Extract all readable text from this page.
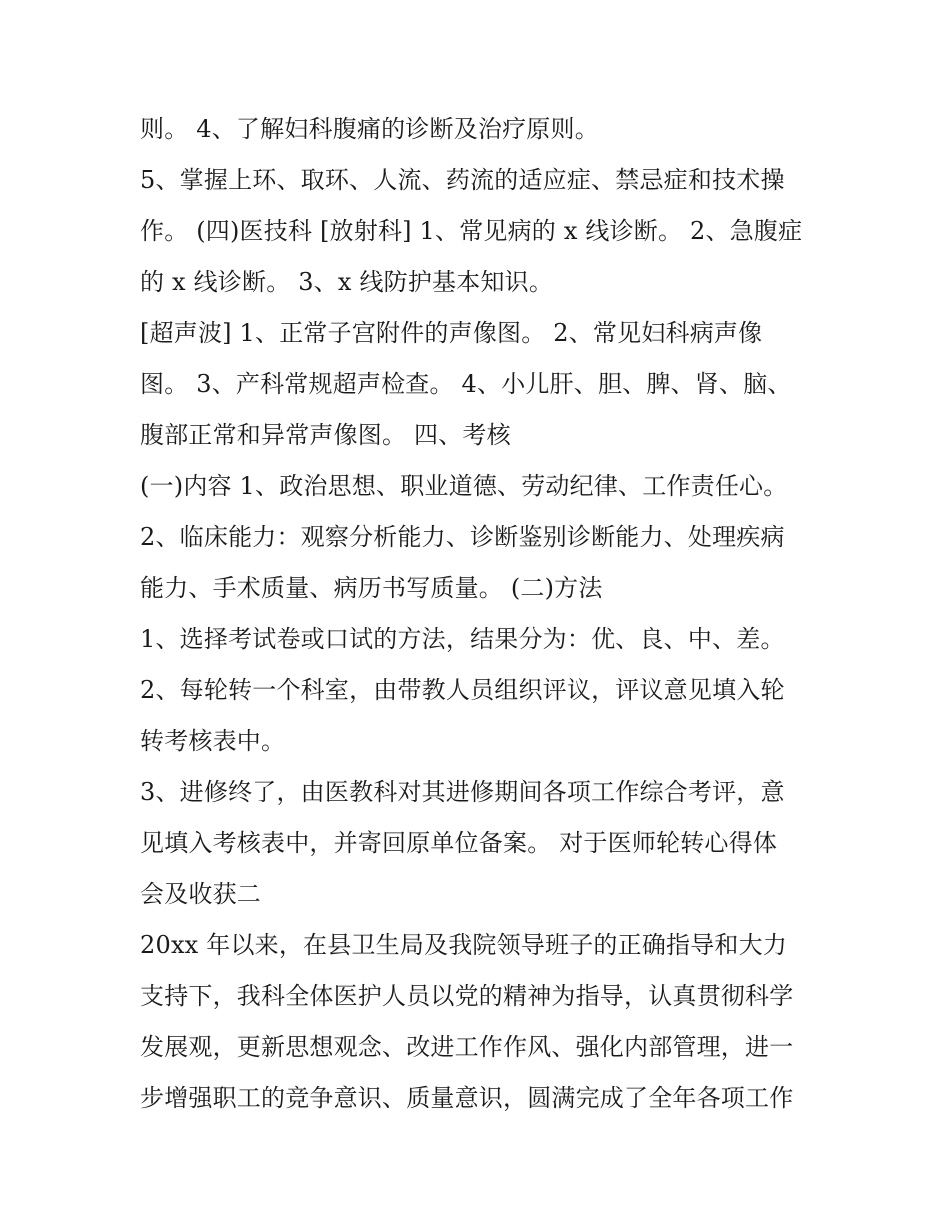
则。 4、了解妇科腹痛的诊断及治疗原则。
5、掌握上环、取环、人流、药流的适应症、禁忌症和技术操
作。 (四)医技科 [放射科] 1、常见病的 x 线诊断。 2、急腹症
的 x 线诊断。 3、x 线防护基本知识。
[超声波] 1、正常子宫附件的声像图。 2、常见妇科病声像
图。 3、产科常规超声检查。 4、小儿肝、胆、脾、肾、脑、
腹部正常和异常声像图。 四、考核
(一)内容 1、政治思想、职业道德、劳动纪律、工作责任心。
2、临床能力：观察分析能力、诊断鉴别诊断能力、处理疾病
能力、手术质量、病历书写质量。 (二)方法
1、选择考试卷或口试的方法，结果分为：优、良、中、差。
2、每轮转一个科室，由带教人员组织评议，评议意见填入轮
转考核表中。
3、进修终了，由医教科对其进修期间各项工作综合考评，意
见填入考核表中，并寄回原单位备案。 对于医师轮转心得体
会及收获二
20xx 年以来，在县卫生局及我院领导班子的正确指导和大力
支持下，我科全体医护人员以党的精神为指导，认真贯彻科学
发展观，更新思想观念、改进工作作风、强化内部管理，进一
步增强职工的竞争意识、质量意识，圆满完成了全年各项工作
